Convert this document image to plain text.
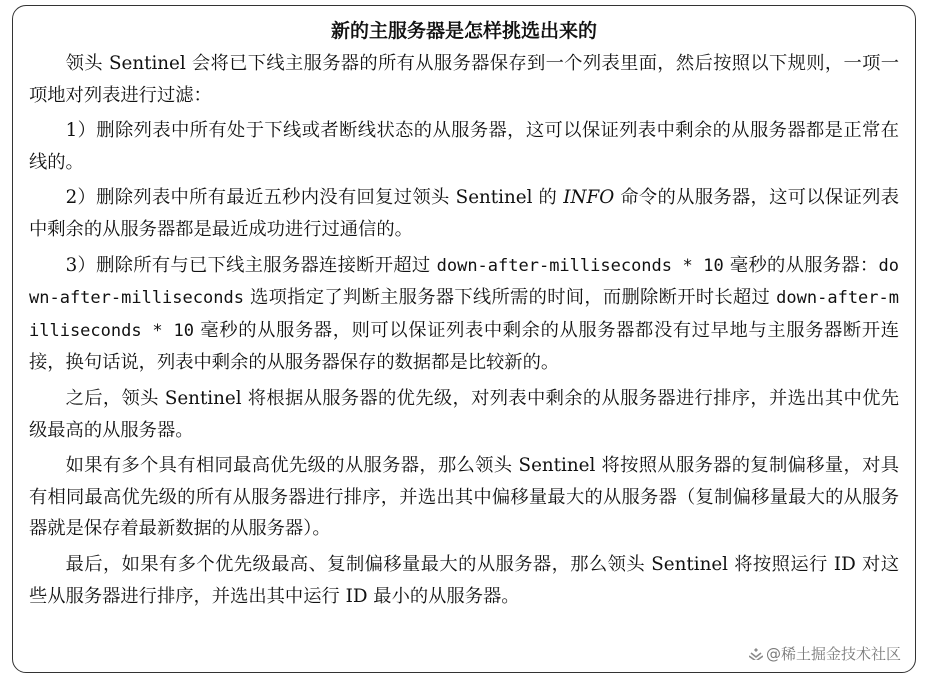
新的主服务器是怎样挑选出来的

领头 Sentinel 会将已下线主服务器的所有从服务器保存到一个列表里面，然后按照以下规则，一项一项地对列表进行过滤：

1）删除列表中所有处于下线或者断线状态的从服务器，这可以保证列表中剩余的从服务器都是正常在线的。

2）删除列表中所有最近五秒内没有回复过领头 Sentinel 的 INFO 命令的从服务器，这可以保证列表中剩余的从服务器都是最近成功进行过通信的。

3）删除所有与已下线主服务器连接断开超过 down-after-milliseconds * 10 毫秒的从服务器：down-after-milliseconds 选项指定了判断主服务器下线所需的时间，而删除断开时长超过 down-after-milliseconds * 10 毫秒的从服务器，则可以保证列表中剩余的从服务器都没有过早地与主服务器断开连接，换句话说，列表中剩余的从服务器保存的数据都是比较新的。

之后，领头 Sentinel 将根据从服务器的优先级，对列表中剩余的从服务器进行排序，并选出其中优先级最高的从服务器。

如果有多个具有相同最高优先级的从服务器，那么领头 Sentinel 将按照从服务器的复制偏移量，对具有相同最高优先级的所有从服务器进行排序，并选出其中偏移量最大的从服务器（复制偏移量最大的从服务器就是保存着最新数据的从服务器）。

最后，如果有多个优先级最高、复制偏移量最大的从服务器，那么领头 Sentinel 将按照运行 ID 对这些从服务器进行排序，并选出其中运行 ID 最小的从服务器。

@稀土掘金技术社区
